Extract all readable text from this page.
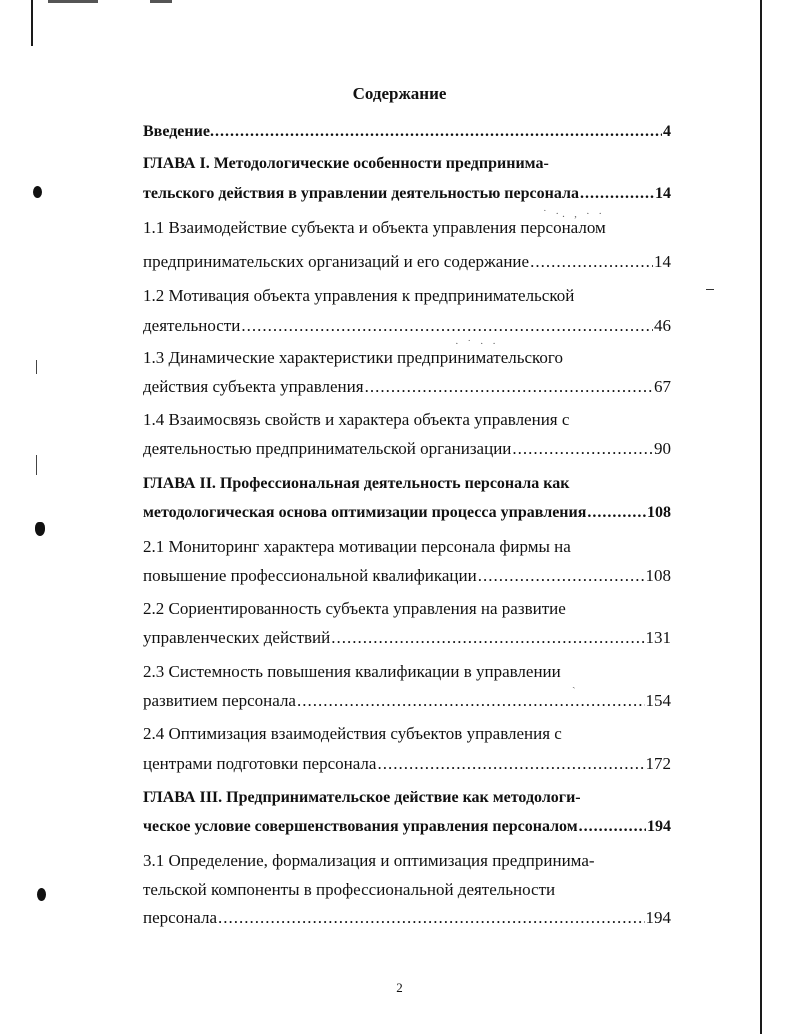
˙ ·. ‚ · ·
· ˙ · ·
ˎ
Содержание
Введение. .....	4
ГЛАВА I. Методологические особенности предпринима-
тельского действия в управлении деятельностью персонала .....	14
1.1 Взаимодействие субъекта и объекта управления персоналом
предпринимательских организаций и его содержание .....	14
1.2 Мотивация объекта управления к предпринимательской
деятельности .....	46
1.3 Динамические характеристики предпринимательского
действия субъекта управления .....	67
1.4 Взаимосвязь свойств и характера объекта управления с
деятельностью предпринимательской организации .....	90
ГЛАВА II. Профессиональная деятельность персонала как
методологическая основа оптимизации процесса управления .....	108
2.1 Мониторинг характера мотивации персонала фирмы на
повышение профессиональной квалификации .....	108
2.2 Сориентированность субъекта управления на развитие
управленческих действий .....	131
2.3 Системность повышения квалификации в управлении
развитием персонала .....	154
2.4 Оптимизация взаимодействия субъектов управления с
центрами подготовки персонала .....	172
ГЛАВА III. Предпринимательское действие как методологи-
ческое условие совершенствования управления персоналом .....	194
3.1 Определение, формализация и оптимизация предпринима-
тельской компоненты в профессиональной деятельности
персонала .....	194
2
